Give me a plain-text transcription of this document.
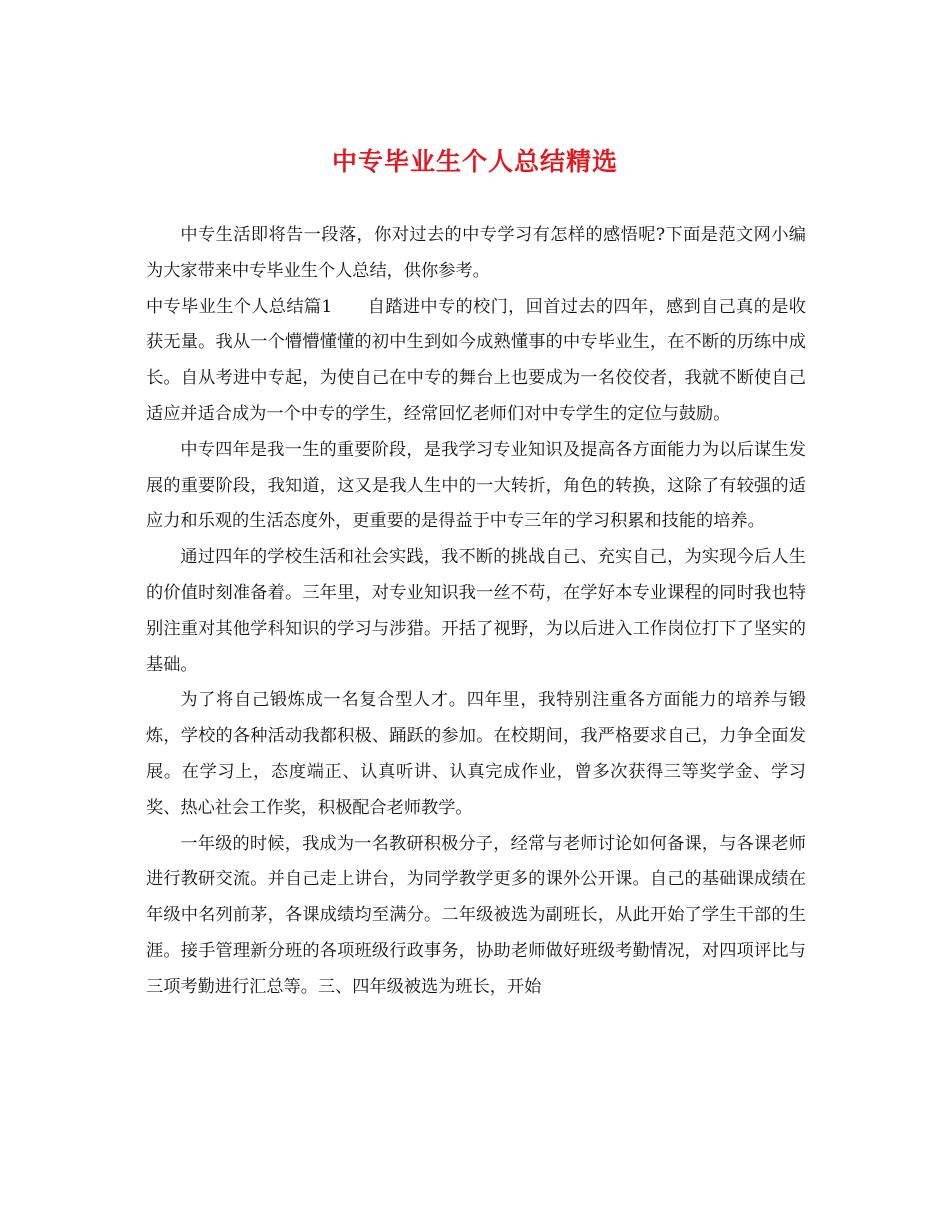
中专毕业生个人总结精选

中专生活即将告一段落，你对过去的中专学习有怎样的感悟呢?下面是范文网小编为大家带来中专毕业生个人总结，供你参考。

中专毕业生个人总结篇1　　自踏进中专的校门，回首过去的四年，感到自己真的是收获无量。我从一个懵懵懂懂的初中生到如今成熟懂事的中专毕业生，在不断的历练中成长。自从考进中专起，为使自己在中专的舞台上也要成为一名佼佼者，我就不断使自己适应并适合成为一个中专的学生，经常回忆老师们对中专学生的定位与鼓励。

中专四年是我一生的重要阶段，是我学习专业知识及提高各方面能力为以后谋生发展的重要阶段，我知道，这又是我人生中的一大转折，角色的转换，这除了有较强的适应力和乐观的生活态度外，更重要的是得益于中专三年的学习积累和技能的培养。

通过四年的学校生活和社会实践，我不断的挑战自己、充实自己，为实现今后人生的价值时刻准备着。三年里，对专业知识我一丝不苟，在学好本专业课程的同时我也特别注重对其他学科知识的学习与涉猎。开括了视野，为以后进入工作岗位打下了坚实的基础。

为了将自己锻炼成一名复合型人才。四年里，我特别注重各方面能力的培养与锻炼，学校的各种活动我都积极、踊跃的参加。在校期间，我严格要求自己，力争全面发展。在学习上，态度端正、认真听讲、认真完成作业，曾多次获得三等奖学金、学习奖、热心社会工作奖，积极配合老师教学。

一年级的时候，我成为一名教研积极分子，经常与老师讨论如何备课，与各课老师进行教研交流。并自己走上讲台，为同学教学更多的课外公开课。自己的基础课成绩在年级中名列前茅，各课成绩均至满分。二年级被选为副班长，从此开始了学生干部的生涯。接手管理新分班的各项班级行政事务，协助老师做好班级考勤情况，对四项评比与三项考勤进行汇总等。三、四年级被选为班长，开始
